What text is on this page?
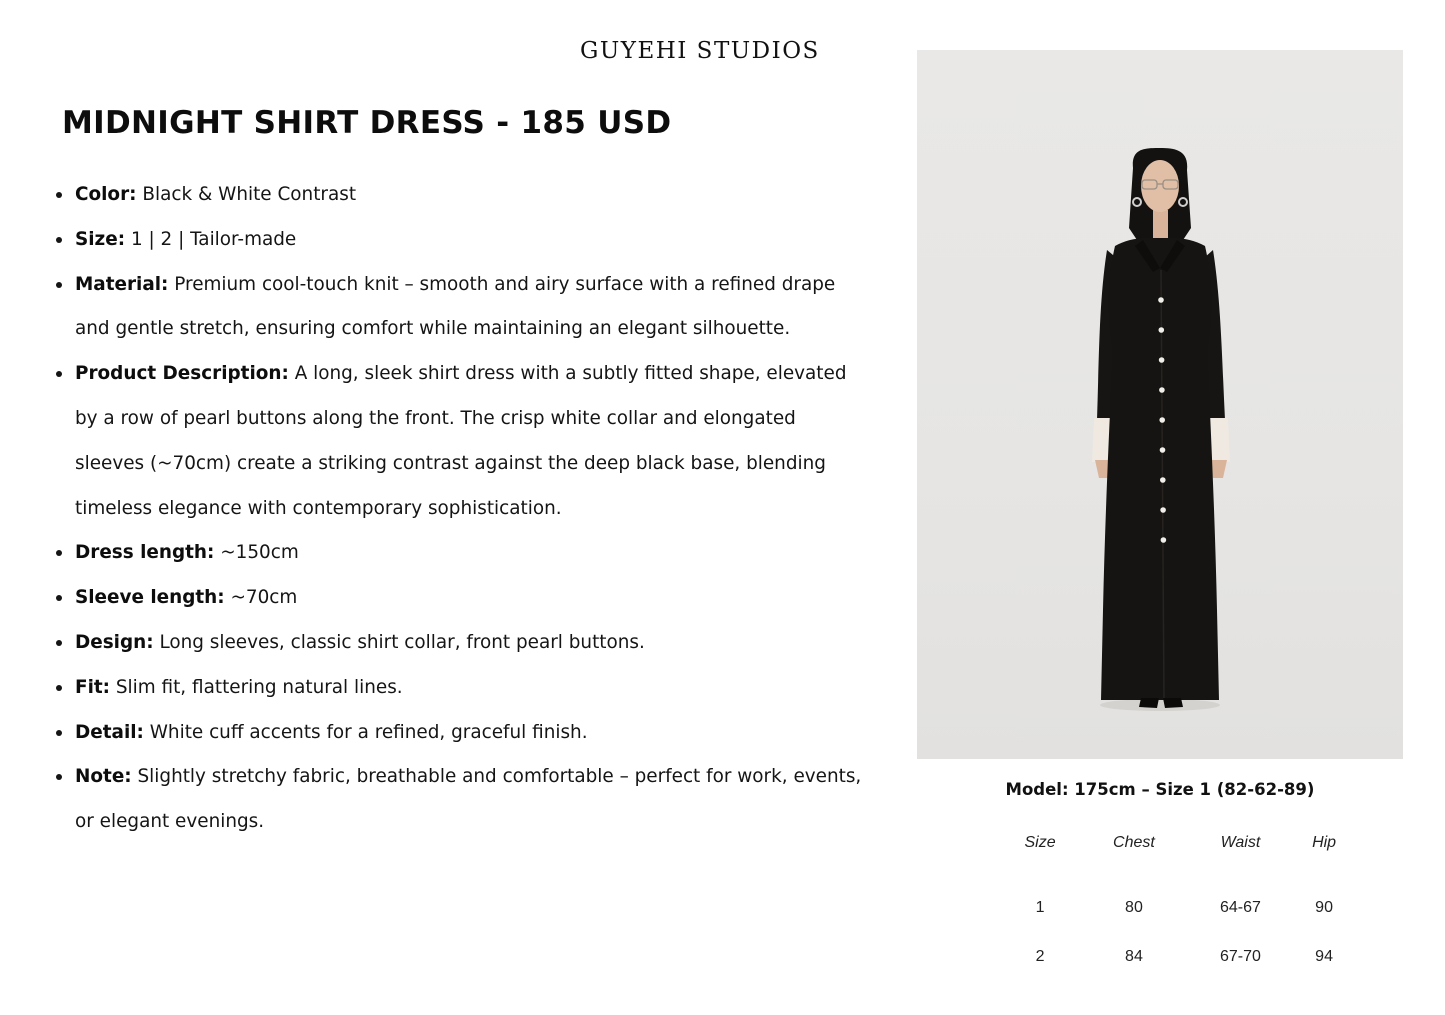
GUYEHI STUDIOS
MIDNIGHT SHIRT DRESS - 185 USD
Color: Black & White Contrast
Size: 1 | 2 | Tailor-made
Material: Premium cool-touch knit – smooth and airy surface with a refined drape and gentle stretch, ensuring comfort while maintaining an elegant silhouette.
Product Description: A long, sleek shirt dress with a subtly fitted shape, elevated by a row of pearl buttons along the front. The crisp white collar and elongated sleeves (~70cm) create a striking contrast against the deep black base, blending timeless elegance with contemporary sophistication.
Dress length: ~150cm
Sleeve length: ~70cm
Design: Long sleeves, classic shirt collar, front pearl buttons.
Fit: Slim fit, flattering natural lines.
Detail: White cuff accents for a refined, graceful finish.
Note: Slightly stretchy fabric, breathable and comfortable – perfect for work, events, or elegant evenings.
Model: 175cm – Size 1 (82-62-89)
Size	Chest	Waist	Hip
1	80	64-67	90
2	84	67-70	94
